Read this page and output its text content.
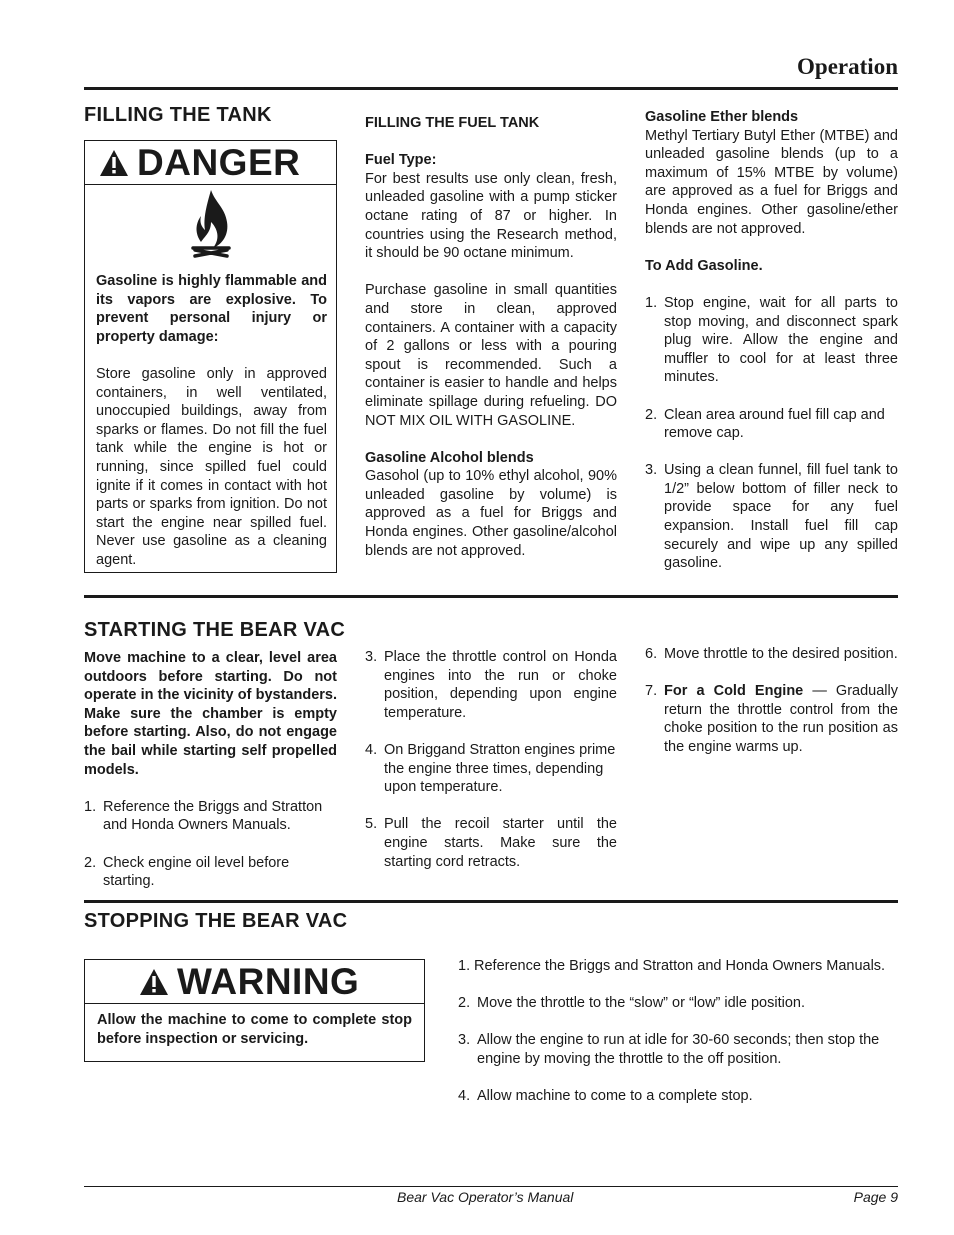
Operation
FILLING THE TANK
DANGER

Gasoline is highly flammable and its vapors are explosive. To prevent personal injury or property damage:

Store gasoline only in approved containers, in well ventilated, unoccupied buildings, away from sparks or flames. Do not fill the fuel tank while the engine is hot or running, since spilled fuel could ignite if it comes in contact with hot parts or sparks from ignition. Do not start the engine near spilled fuel. Never use gasoline as a cleaning agent.

FILLING THE FUEL TANK

Fuel Type:

For best results use only clean, fresh, unleaded gasoline with a pump sticker octane rating of 87 or higher. In countries using the Research method, it should be 90 octane minimum.

Purchase gasoline in small quantities and store in clean, approved containers. A container with a capacity of 2 gallons or less with a pouring spout is recommended. Such a container is easier to handle and helps eliminate spillage during refueling. DO NOT MIX OIL WITH GASOLINE.

Gasoline Alcohol blends

Gasohol (up to 10% ethyl alcohol, 90% unleaded gasoline by volume) is approved as a fuel for Briggs and Honda engines. Other gasoline/alcohol blends are not approved.

Gasoline Ether blends

Methyl Tertiary Butyl Ether (MTBE) and unleaded gasoline blends (up to a maximum of 15% MTBE by volume) are approved as a fuel for Briggs and Honda engines. Other gasoline/ether blends are not approved.

To Add Gasoline.

1. Stop engine, wait for all parts to stop moving, and disconnect spark plug wire. Allow the engine and muffler to cool for at least three minutes.
2. Clean area around fuel fill cap and remove cap.
3. Using a clean funnel, fill fuel tank to 1/2” below bottom of filler neck to provide space for any fuel expansion. Install fuel fill cap securely and wipe up any spilled gasoline.
STARTING THE BEAR VAC

Move machine to a clear, level area outdoors before starting. Do not operate in the vicinity of bystanders. Make sure the chamber is empty before starting. Also, do not engage the bail while starting self propelled models.

1. Reference the Briggs and Stratton and Honda Owners Manuals.
2. Check engine oil level before starting.
3. Place the throttle control on Honda engines into the run or choke position, depending upon engine temperature.
4. On Briggand Stratton engines prime the engine three times, depending upon temperature.
5. Pull the recoil starter until the engine starts. Make sure the starting cord retracts.
6. Move throttle to the desired position.
7. For a Cold Engine — Gradually return the throttle control from the choke position to the run position as the engine warms up.
STOPPING THE BEAR VAC
WARNING

Allow the machine to come to complete stop before inspection or servicing.

1. Reference the Briggs and Stratton and Honda Owners Manuals.
2. Move the throttle to the “slow” or “low” idle position.
3. Allow the engine to run at idle for 30-60 seconds; then stop the engine by moving the throttle to the off position.
4. Allow machine to come to a complete stop.
Bear Vac Operator’s Manual	Page 9
